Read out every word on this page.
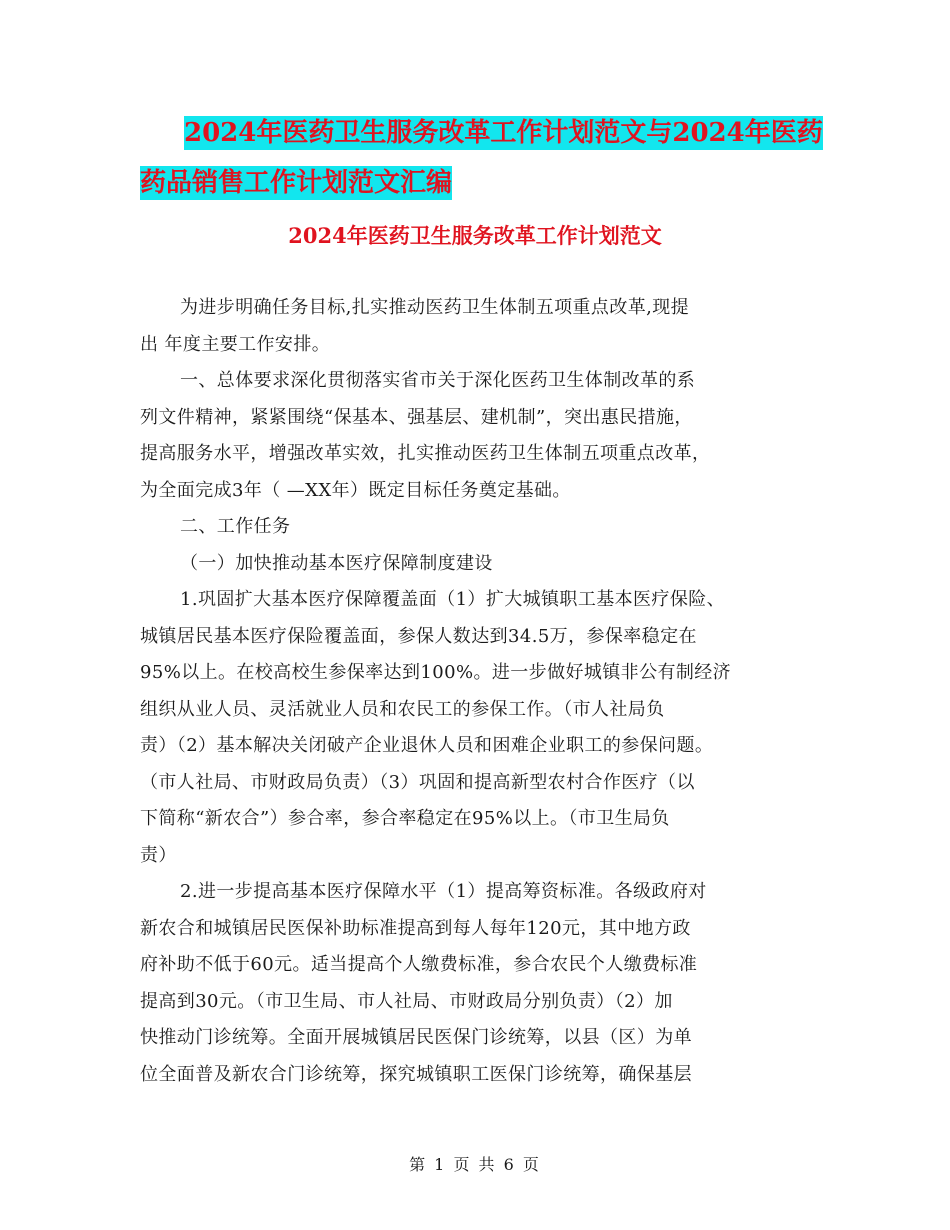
2024年医药卫生服务改革工作计划范文与2024年医药
药品销售工作计划范文汇编
2024年医药卫生服务改革工作计划范文
为进步明确任务目标,扎实推动医药卫生体制五项重点改革,现提
出 年度主要工作安排。
一、总体要求深化贯彻落实省市关于深化医药卫生体制改革的系
列文件精神，紧紧围绕“保基本、强基层、建机制”，突出惠民措施，
提高服务水平，增强改革实效，扎实推动医药卫生体制五项重点改革，
为全面完成3年（ —XX年）既定目标任务奠定基础。
二、工作任务
（一）加快推动基本医疗保障制度建设
1.巩固扩大基本医疗保障覆盖面（1）扩大城镇职工基本医疗保险、
城镇居民基本医疗保险覆盖面，参保人数达到34.5万，参保率稳定在
95%以上。在校高校生参保率达到100%。进一步做好城镇非公有制经济
组织从业人员、灵活就业人员和农民工的参保工作。（市人社局负
责）（2）基本解决关闭破产企业退休人员和困难企业职工的参保问题。
（市人社局、市财政局负责）（3）巩固和提高新型农村合作医疗（以
下简称“新农合”）参合率，参合率稳定在95%以上。（市卫生局负
责）
2.进一步提高基本医疗保障水平（1）提高筹资标准。各级政府对
新农合和城镇居民医保补助标准提高到每人每年120元，其中地方政
府补助不低于60元。适当提高个人缴费标准，参合农民个人缴费标准
提高到30元。（市卫生局、市人社局、市财政局分别负责）（2）加
快推动门诊统筹。全面开展城镇居民医保门诊统筹，以县（区）为单
位全面普及新农合门诊统筹，探究城镇职工医保门诊统筹，确保基层
第 1 页 共 6 页
